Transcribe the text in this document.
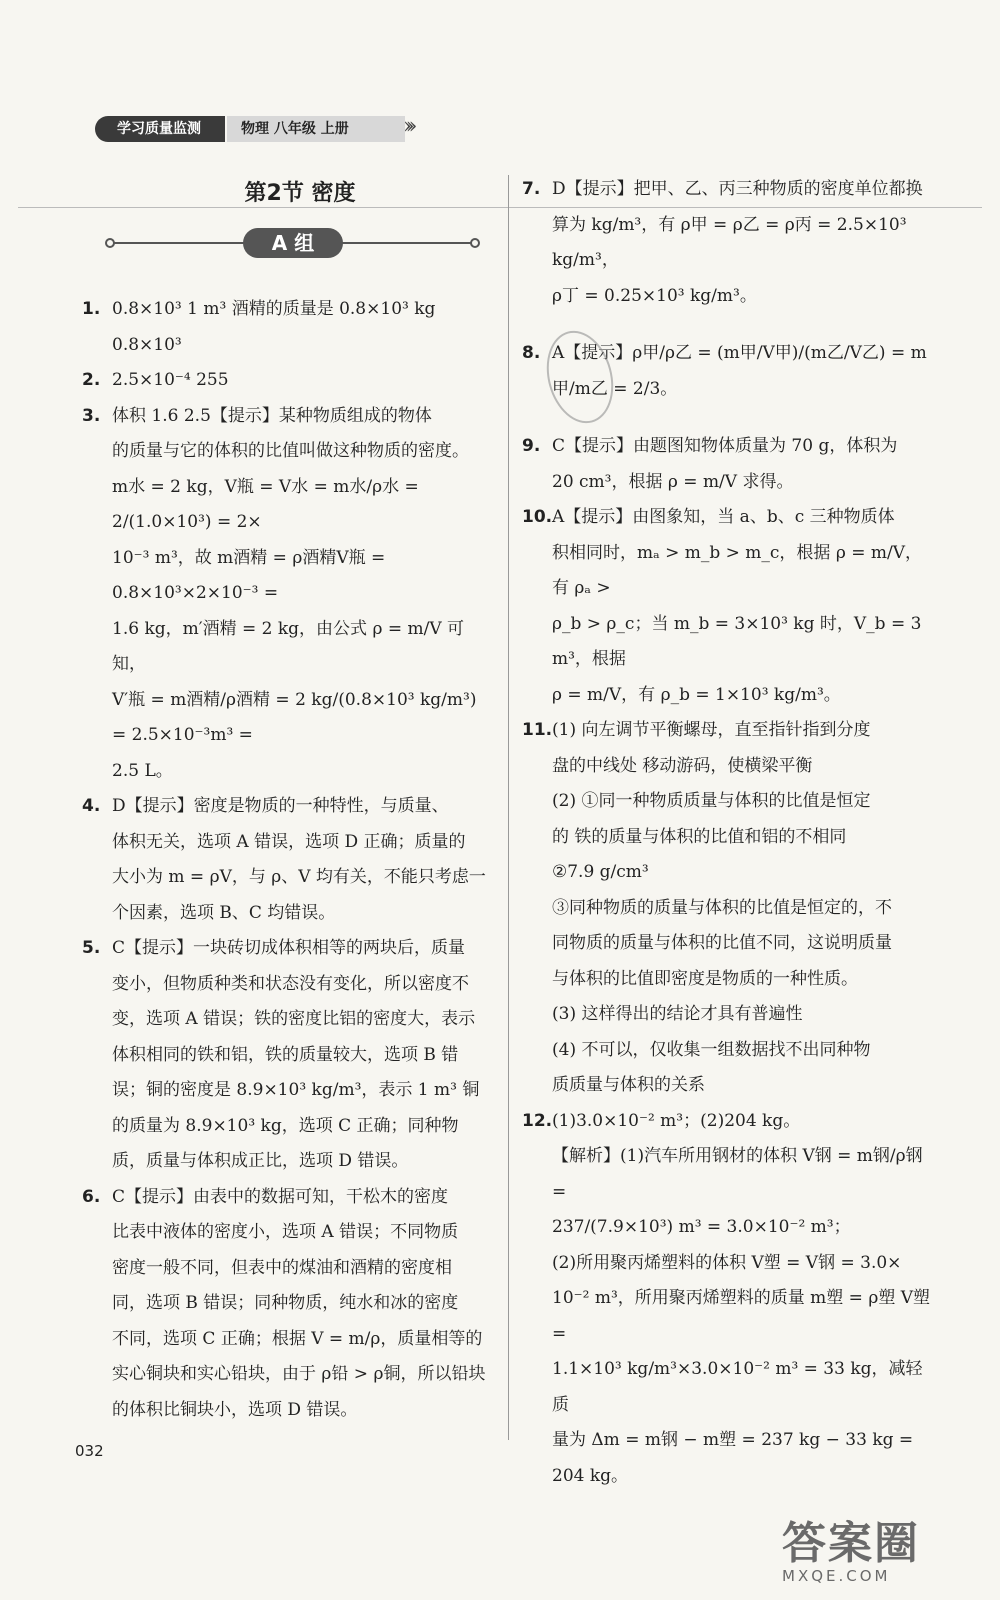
学习质量监测	物理 八年级 上册	›››
第2节 密度
A 组
1. 0.8×10³ 1 m³ 酒精的质量是 0.8×10³ kg

0.8×10³

2. 2.5×10⁻⁴ 255

3. 体积 1.6 2.5【提示】某种物质组成的物体

的质量与它的体积的比值叫做这种物质的密度。

m水 = 2 kg，V瓶 = V水 = m水/ρ水 = 2/(1.0×10³) = 2×

10⁻³ m³，故 m酒精 = ρ酒精V瓶 = 0.8×10³×2×10⁻³ =

1.6 kg，m′酒精 = 2 kg，由公式 ρ = m/V 可知，

V′瓶 = m酒精/ρ酒精 = 2 kg/(0.8×10³ kg/m³) = 2.5×10⁻³m³ =

2.5 L。

4. D【提示】密度是物质的一种特性，与质量、

体积无关，选项 A 错误，选项 D 正确；质量的

大小为 m = ρV，与 ρ、V 均有关，不能只考虑一

个因素，选项 B、C 均错误。

5. C【提示】一块砖切成体积相等的两块后，质量

变小，但物质种类和状态没有变化，所以密度不

变，选项 A 错误；铁的密度比铝的密度大，表示

体积相同的铁和铝，铁的质量较大，选项 B 错

误；铜的密度是 8.9×10³ kg/m³，表示 1 m³ 铜

的质量为 8.9×10³ kg，选项 C 正确；同种物

质，质量与体积成正比，选项 D 错误。

6. C【提示】由表中的数据可知，干松木的密度

比表中液体的密度小，选项 A 错误；不同物质

密度一般不同，但表中的煤油和酒精的密度相

同，选项 B 错误；同种物质，纯水和冰的密度

不同，选项 C 正确；根据 V = m/ρ，质量相等的

实心铜块和实心铅块，由于 ρ铅 > ρ铜，所以铅块

的体积比铜块小，选项 D 错误。

7. D【提示】把甲、乙、丙三种物质的密度单位都换

算为 kg/m³，有 ρ甲 = ρ乙 = ρ丙 = 2.5×10³ kg/m³，

ρ丁 = 0.25×10³ kg/m³。

8. A【提示】ρ甲/ρ乙 = (m甲/V甲)/(m乙/V乙) = m甲/m乙 = 2/3。

9. C【提示】由题图知物体质量为 70 g，体积为

20 cm³，根据 ρ = m/V 求得。

10. A【提示】由图象知，当 a、b、c 三种物质体

积相同时，mₐ > m_b > m_c，根据 ρ = m/V，有 ρₐ >

ρ_b > ρ_c；当 m_b = 3×10³ kg 时，V_b = 3 m³，根据

ρ = m/V，有 ρ_b = 1×10³ kg/m³。

11. (1) 向左调节平衡螺母，直至指针指到分度

盘的中线处 移动游码，使横梁平衡

(2) ①同一种物质质量与体积的比值是恒定

的 铁的质量与体积的比值和铝的不相同

②7.9 g/cm³

③同种物质的质量与体积的比值是恒定的，不

同物质的质量与体积的比值不同，这说明质量

与体积的比值即密度是物质的一种性质。

(3) 这样得出的结论才具有普遍性

(4) 不可以，仅收集一组数据找不出同种物

质质量与体积的关系

12. (1)3.0×10⁻² m³；(2)204 kg。

【解析】(1)汽车所用钢材的体积 V钢 = m钢/ρ钢 =

237/(7.9×10³) m³ = 3.0×10⁻² m³；

(2)所用聚丙烯塑料的体积 V塑 = V钢 = 3.0×

10⁻² m³，所用聚丙烯塑料的质量 m塑 = ρ塑 V塑 =

1.1×10³ kg/m³×3.0×10⁻² m³ = 33 kg，减轻质

量为 Δm = m钢 − m塑 = 237 kg − 33 kg = 204 kg。

032
答案圈
MXQE.COM
